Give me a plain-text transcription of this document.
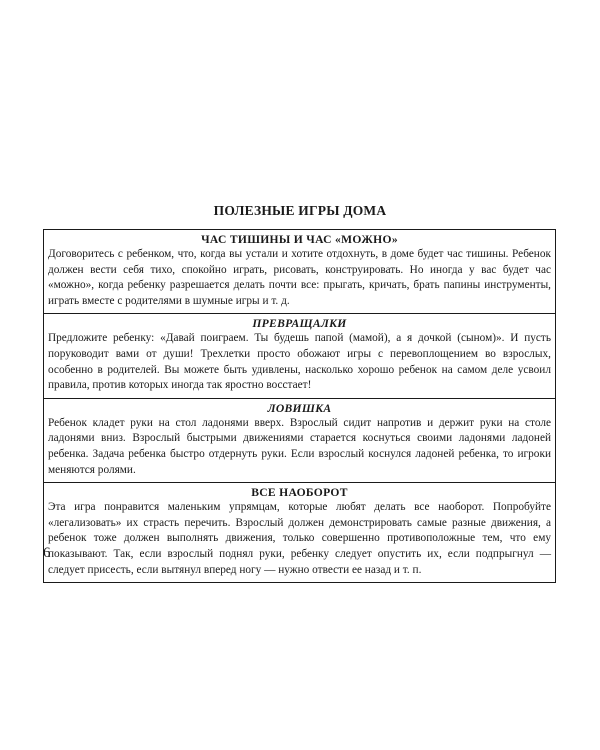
ПОЛЕЗНЫЕ ИГРЫ ДОМА
ЧАС ТИШИНЫ И ЧАС «МОЖНО»

Договоритесь с ребенком, что, когда вы устали и хотите отдохнуть, в доме будет час тишины. Ребенок должен вести себя тихо, спокойно играть, рисовать, конструировать. Но иногда у вас будет час «можно», когда ребенку разрешается делать почти все: прыгать, кричать, брать папины инструменты, играть вместе с родителями в шумные игры и т. д.

ПРЕВРАЩАЛКИ

Предложите ребенку: «Давай поиграем. Ты будешь папой (мамой), а я дочкой (сыном)». И пусть поруководит вами от души! Трехлетки просто обожают игры с перевоплощением во взрослых, особенно в родителей. Вы можете быть удивлены, насколько хорошо ребенок на самом деле усвоил правила, против которых иногда так яростно восстает!

ЛОВИШКА

Ребенок кладет руки на стол ладонями вверх. Взрослый сидит напротив и держит руки на столе ладонями вниз. Взрослый быстрыми движениями старается коснуться своими ладонями ладоней ребенка. Задача ребенка быстро отдернуть руки. Если взрослый коснулся ладоней ребенка, то игроки меняются ролями.

ВСЕ НАОБОРОТ

Эта игра понравится маленьким упрямцам, которые любят делать все наоборот. Попробуйте «легализовать» их страсть перечить. Взрослый должен демонстрировать самые разные движения, а ребенок тоже должен выполнять движения, только совершенно противоположные тем, что ему показывают. Так, если взрослый поднял руки, ребенку следует опустить их, если подпрыгнул — следует присесть, если вытянул вперед ногу — нужно отвести ее назад и т. п.

6
